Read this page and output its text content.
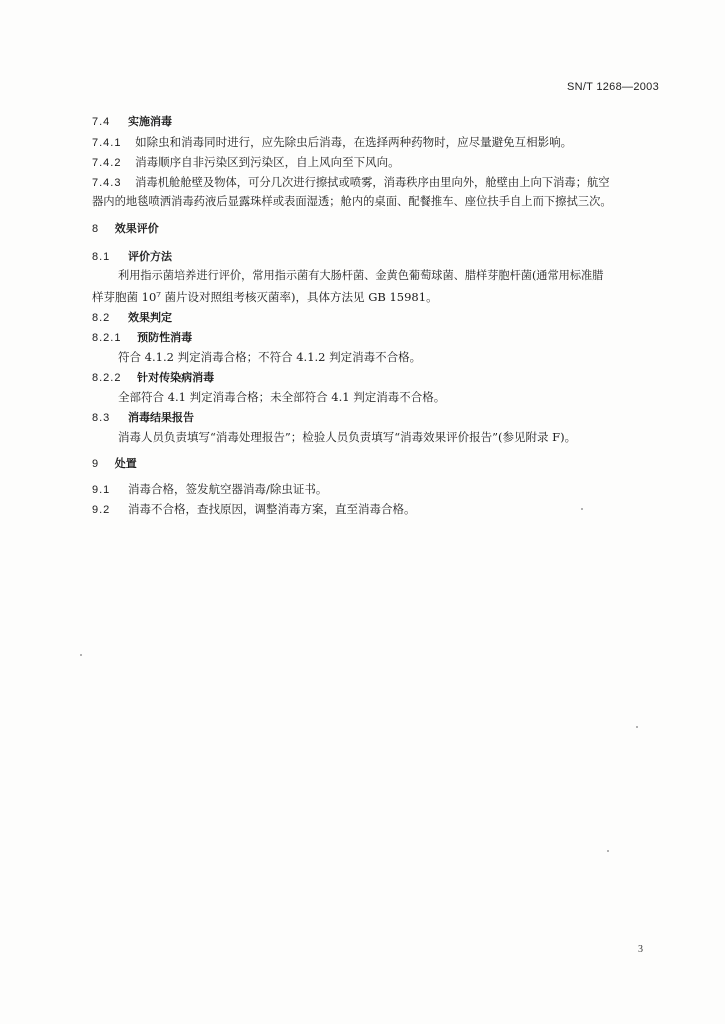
SN/T 1268—2003
7.4 实施消毒
7.4.1 如除虫和消毒同时进行，应先除虫后消毒，在选择两种药物时，应尽量避免互相影响。
7.4.2 消毒顺序自非污染区到污染区，自上风向至下风向。
7.4.3 消毒机舱舱壁及物体，可分几次进行擦拭或喷雾，消毒秩序由里向外，舱壁由上向下消毒；航空
器内的地毯喷洒消毒药液后显露珠样或表面湿透；舱内的桌面、配餐推车、座位扶手自上而下擦拭三次。
8 效果评价
8.1 评价方法
利用指示菌培养进行评价，常用指示菌有大肠杆菌、金黄色葡萄球菌、腊样芽胞杆菌(通常用标准腊
样芽胞菌 10⁷ 菌片设对照组考核灭菌率)，具体方法见 GB 15981。
8.2 效果判定
8.2.1 预防性消毒
符合 4.1.2 判定消毒合格；不符合 4.1.2 判定消毒不合格。
8.2.2 针对传染病消毒
全部符合 4.1 判定消毒合格；未全部符合 4.1 判定消毒不合格。
8.3 消毒结果报告
消毒人员负责填写“消毒处理报告”；检验人员负责填写“消毒效果评价报告”(参见附录 F)。
9 处置
9.1 消毒合格，签发航空器消毒/除虫证书。
9.2 消毒不合格，查找原因，调整消毒方案，直至消毒合格。
3
